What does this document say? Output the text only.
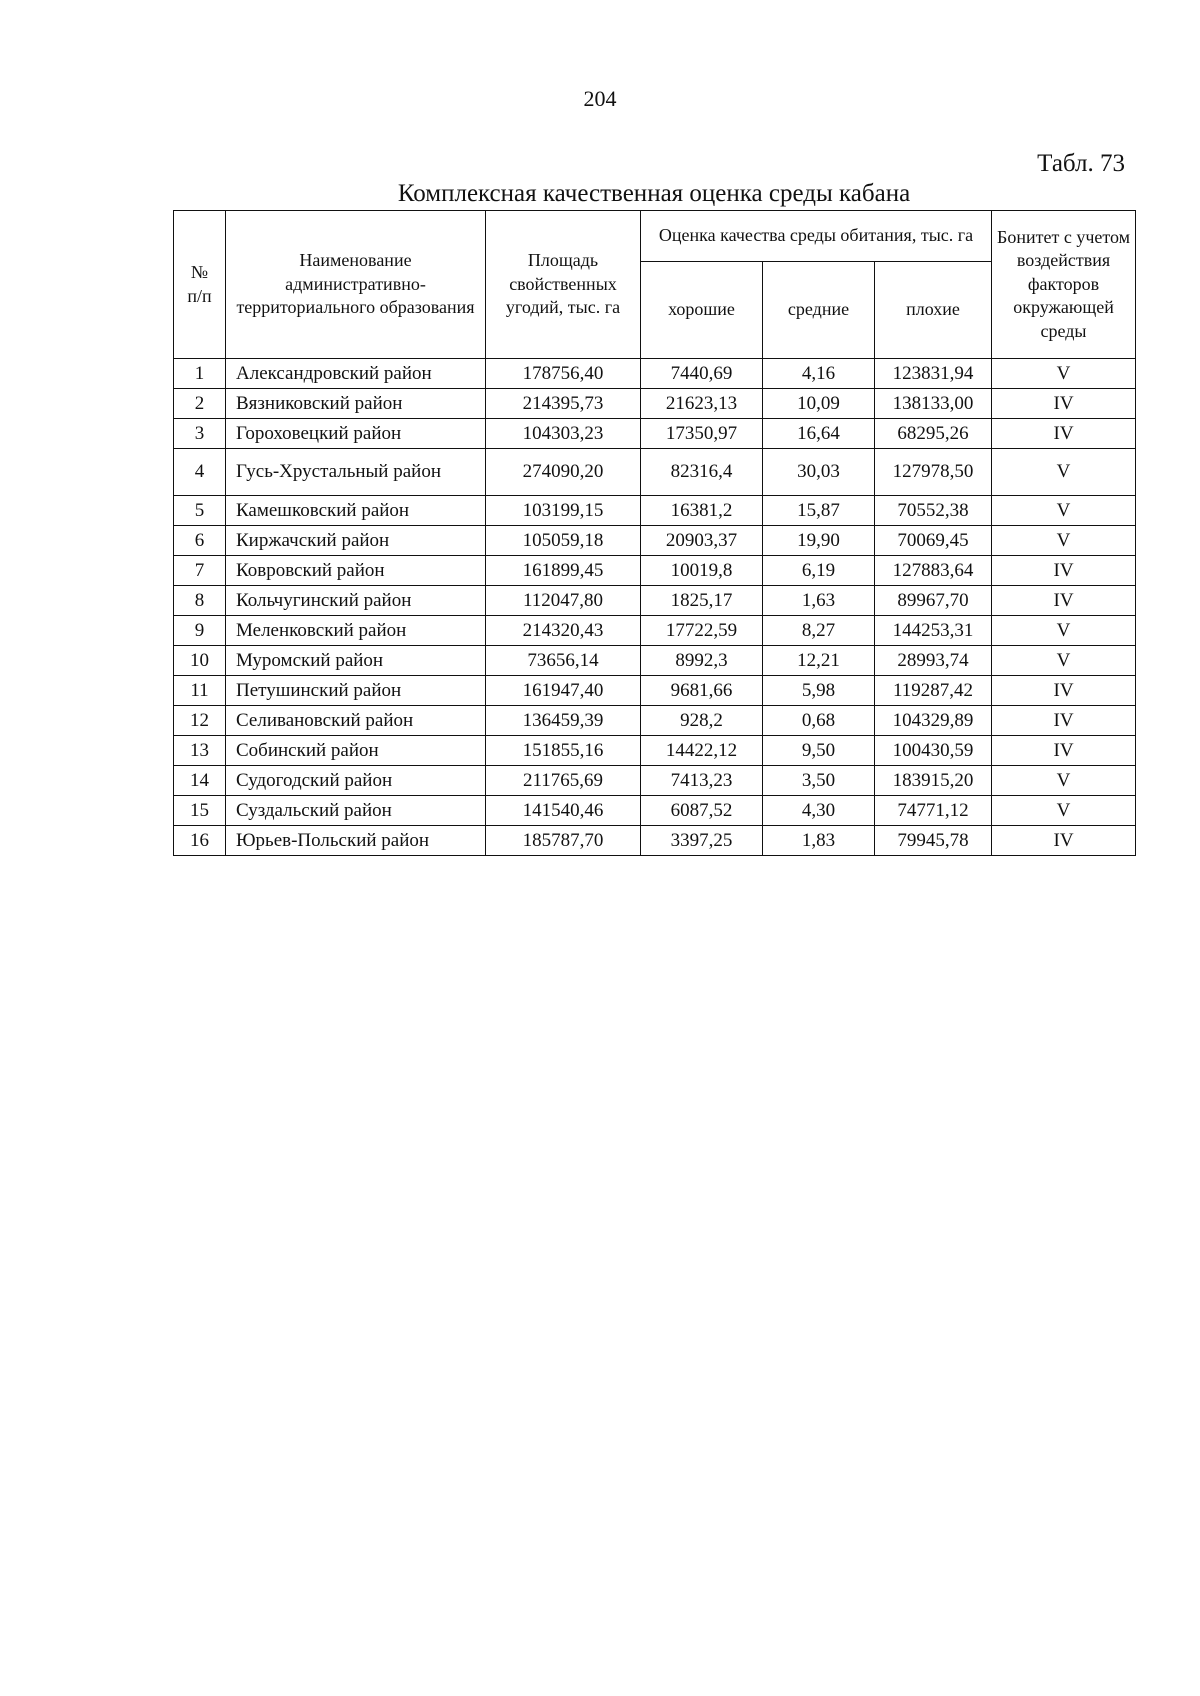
204
Табл. 73
Комплексная качественная оценка среды кабана
№
п/п	Наименование административно-территориального образования	Площадь свойственных угодий, тыс. га	Оценка качества среды обитания, тыс. га			Бонитет с учетом воздействия факторов окружающей среды
			хорошие	средние	плохие	
1	Александровский район	178756,40	7440,69	4,16	123831,94	V
2	Вязниковский район	214395,73	21623,13	10,09	138133,00	IV
3	Гороховецкий район	104303,23	17350,97	16,64	68295,26	IV
4	Гусь-Хрустальный район	274090,20	82316,4	30,03	127978,50	V
5	Камешковский район	103199,15	16381,2	15,87	70552,38	V
6	Киржачский район	105059,18	20903,37	19,90	70069,45	V
7	Ковровский район	161899,45	10019,8	6,19	127883,64	IV
8	Кольчугинский район	112047,80	1825,17	1,63	89967,70	IV
9	Меленковский район	214320,43	17722,59	8,27	144253,31	V
10	Муромский район	73656,14	8992,3	12,21	28993,74	V
11	Петушинский район	161947,40	9681,66	5,98	119287,42	IV
12	Селивановский район	136459,39	928,2	0,68	104329,89	IV
13	Собинский район	151855,16	14422,12	9,50	100430,59	IV
14	Судогодский район	211765,69	7413,23	3,50	183915,20	V
15	Суздальский район	141540,46	6087,52	4,30	74771,12	V
16	Юрьев-Польский район	185787,70	3397,25	1,83	79945,78	IV
